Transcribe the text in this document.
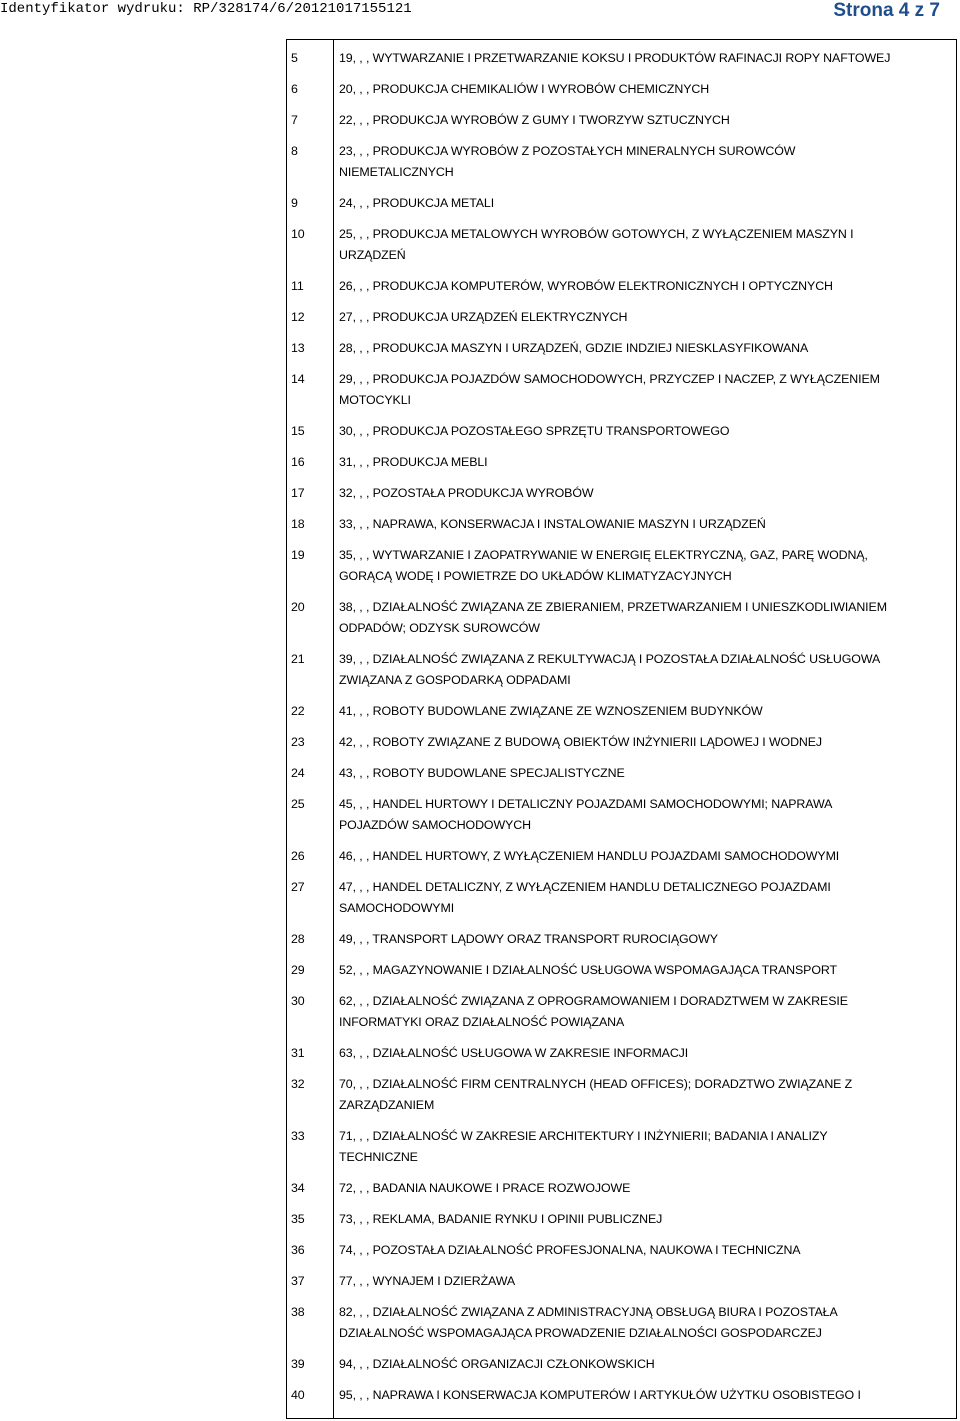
Identyfikator wydruku: RP/328174/6/20121017155121	Strona 4 z 7
5	19, , , WYTWARZANIE I PRZETWARZANIE KOKSU I PRODUKTÓW RAFINACJI ROPY NAFTOWEJ
6	20, , , PRODUKCJA CHEMIKALIÓW I WYROBÓW CHEMICZNYCH
7	22, , , PRODUKCJA WYROBÓW Z GUMY I TWORZYW SZTUCZNYCH
8	23, , , PRODUKCJA WYROBÓW Z POZOSTAŁYCH MINERALNYCH SUROWCÓW
NIEMETALICZNYCH
9	24, , , PRODUKCJA METALI
10	25, , , PRODUKCJA METALOWYCH WYROBÓW GOTOWYCH, Z WYŁĄCZENIEM MASZYN I
URZĄDZEŃ
11	26, , , PRODUKCJA KOMPUTERÓW, WYROBÓW ELEKTRONICZNYCH I OPTYCZNYCH
12	27, , , PRODUKCJA URZĄDZEŃ ELEKTRYCZNYCH
13	28, , , PRODUKCJA MASZYN I URZĄDZEŃ, GDZIE INDZIEJ NIESKLASYFIKOWANA
14	29, , , PRODUKCJA POJAZDÓW SAMOCHODOWYCH, PRZYCZEP I NACZEP, Z WYŁĄCZENIEM
MOTOCYKLI
15	30, , , PRODUKCJA POZOSTAŁEGO SPRZĘTU TRANSPORTOWEGO
16	31, , , PRODUKCJA MEBLI
17	32, , , POZOSTAŁA PRODUKCJA WYROBÓW
18	33, , , NAPRAWA, KONSERWACJA I INSTALOWANIE MASZYN I URZĄDZEŃ
19	35, , , WYTWARZANIE I ZAOPATRYWANIE W ENERGIĘ ELEKTRYCZNĄ, GAZ, PARĘ WODNĄ,
GORĄCĄ WODĘ I POWIETRZE DO UKŁADÓW KLIMATYZACYJNYCH
20	38, , , DZIAŁALNOŚĆ ZWIĄZANA ZE ZBIERANIEM, PRZETWARZANIEM I UNIESZKODLIWIANIEM
ODPADÓW; ODZYSK SUROWCÓW
21	39, , , DZIAŁALNOŚĆ ZWIĄZANA Z REKULTYWACJĄ I POZOSTAŁA DZIAŁALNOŚĆ USŁUGOWA
ZWIĄZANA Z GOSPODARKĄ ODPADAMI
22	41, , , ROBOTY BUDOWLANE ZWIĄZANE ZE WZNOSZENIEM BUDYNKÓW
23	42, , , ROBOTY ZWIĄZANE Z BUDOWĄ OBIEKTÓW INŻYNIERII LĄDOWEJ I WODNEJ
24	43, , , ROBOTY BUDOWLANE SPECJALISTYCZNE
25	45, , , HANDEL HURTOWY I DETALICZNY POJAZDAMI SAMOCHODOWYMI; NAPRAWA
POJAZDÓW SAMOCHODOWYCH
26	46, , , HANDEL HURTOWY, Z WYŁĄCZENIEM HANDLU POJAZDAMI SAMOCHODOWYMI
27	47, , , HANDEL DETALICZNY, Z WYŁĄCZENIEM HANDLU DETALICZNEGO POJAZDAMI
SAMOCHODOWYMI
28	49, , , TRANSPORT LĄDOWY ORAZ TRANSPORT RUROCIĄGOWY
29	52, , , MAGAZYNOWANIE I DZIAŁALNOŚĆ USŁUGOWA WSPOMAGAJĄCA TRANSPORT
30	62, , , DZIAŁALNOŚĆ ZWIĄZANA Z OPROGRAMOWANIEM I DORADZTWEM W ZAKRESIE
INFORMATYKI ORAZ DZIAŁALNOŚĆ POWIĄZANA
31	63, , , DZIAŁALNOŚĆ USŁUGOWA W ZAKRESIE INFORMACJI
32	70, , , DZIAŁALNOŚĆ FIRM CENTRALNYCH (HEAD OFFICES); DORADZTWO ZWIĄZANE Z
ZARZĄDZANIEM
33	71, , , DZIAŁALNOŚĆ W ZAKRESIE ARCHITEKTURY I INŻYNIERII; BADANIA I ANALIZY
TECHNICZNE
34	72, , , BADANIA NAUKOWE I PRACE ROZWOJOWE
35	73, , , REKLAMA, BADANIE RYNKU I OPINII PUBLICZNEJ
36	74, , , POZOSTAŁA DZIAŁALNOŚĆ PROFESJONALNA, NAUKOWA I TECHNICZNA
37	77, , , WYNAJEM I DZIERŻAWA
38	82, , , DZIAŁALNOŚĆ ZWIĄZANA Z ADMINISTRACYJNĄ OBSŁUGĄ BIURA I POZOSTAŁA
DZIAŁALNOŚĆ WSPOMAGAJĄCA PROWADZENIE DZIAŁALNOŚCI GOSPODARCZEJ
39	94, , , DZIAŁALNOŚĆ ORGANIZACJI CZŁONKOWSKICH
40	95, , , NAPRAWA I KONSERWACJA KOMPUTERÓW I ARTYKUŁÓW UŻYTKU OSOBISTEGO I
